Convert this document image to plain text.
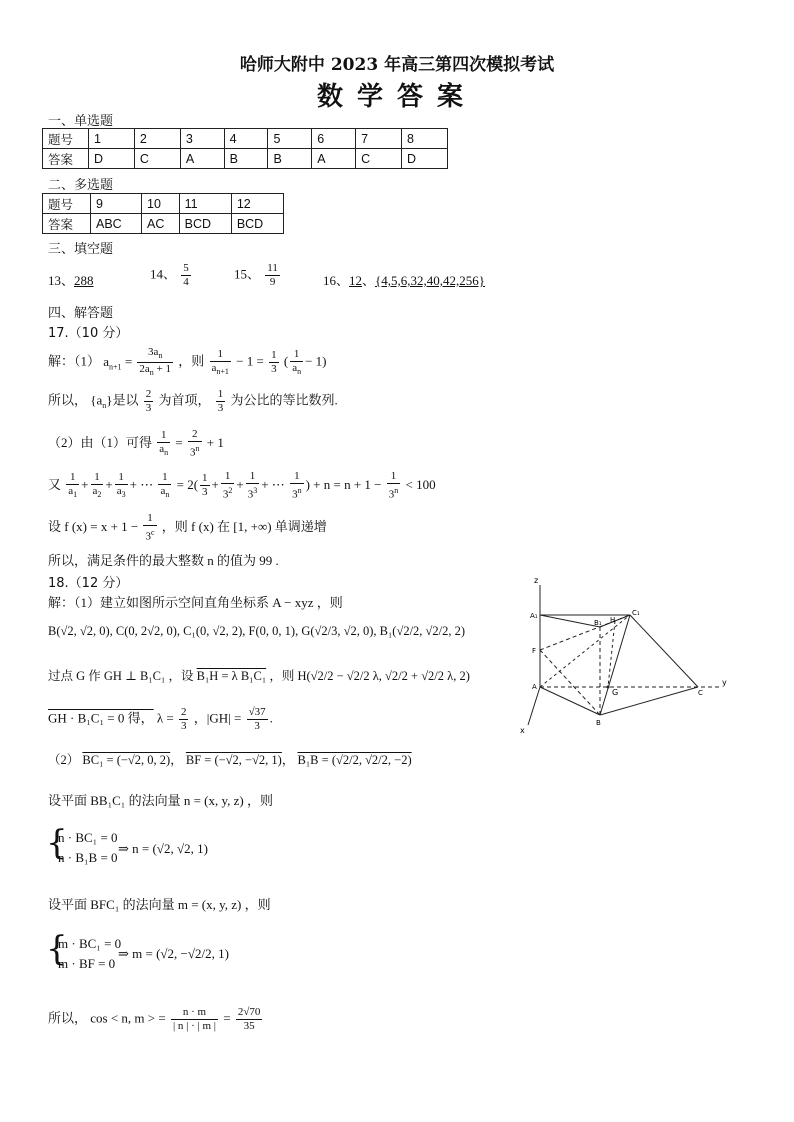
哈师大附中 2023 年高三第四次模拟考试
数学答案
一、单选题
题号	1	2	3	4	5	6	7	8
答案	D	C	A	B	B	A	C	D
二、多选题
题号	9	10	11	12
答案	ABC	AC	BCD	BCD
三、填空题
13、288	14、 $\frac{5}{4}$	15、 $\frac{11}{9}$	16、12、{4,5,6,32,40,42,256}
四、解答题
17.（10 分）
解：（1） $a_{n+1} = \frac{3a_n}{2a_n + 1}$ ，则 $\frac{1}{a_{n+1}} - 1 = \frac{1}{3}$ ( $\frac{1}{a_n} - 1$)
所以， $\{a_n\}$是以 $\frac{2}{3}$ 为首项， $\frac{1}{3}$ 为公比的等比数列.
（2）由（1）可得 $\frac{1}{a_n} = \frac{2}{3^n} + 1$
又 $\frac{1}{a_1} + \frac{1}{a_2} + \frac{1}{a_3}$ + ⋯ $\frac{1}{a_n} = 2( \frac{1}{3} + \frac{1}{3^2} + \frac{1}{3^3}$ + ⋯ $\frac{1}{3^n}$ ) + $n = n + 1 - \frac{1}{3^n} < 100$
设 f $(x) = x + 1 - \frac{1}{3^c}$ ，则 f (x) 在 [1, +∞) 单调递增
所以，满足条件的最大整数 n 的值为 99 .
18.（12 分）
解：（1）建立如图所示空间直角坐标系 A − xyz ，则
B(√2, √2, 0), C(0, 2√2, 0), C₁(0, √2, 2), F(0, 0, 1), G(√2/3, √2, 0), B₁(√2/2, √2/2, 2)
过点 G 作 GH ⊥ B₁C₁ ，设 B₁H = λ B₁C₁ ，则 H(√2/2 − √2/2 λ, √2/2 + √2/2 λ, 2)
GH · B₁C₁ = 0 得， $\lambda = \frac{2}{3}$ ，$|GH| = \frac{√37}{3}$ .
（2） BC₁ = (−√2, 0, 2)， BF = (−√2, −√2, 1)， B₁B = (√2/2, √2/2, −2)
设平面 BB₁C₁ 的法向量 n = (x, y, z) ，则
{
n · BC₁ = 0
n · B₁B = 0
⇒ n = (√2, √2, 1)
设平面 BFC₁ 的法向量 m = (x, y, z) ，则
{
m · BC₁ = 0
m · BF = 0
⇒ m = (√2, −√2/2, 1)
所以， cos < n, m > = $\frac{n \cdot m}{| n | \cdot | m |} = \frac{2√70}{35}$
z
y
x
A₁
B₁ H
C₁
F
A
G
B
C
